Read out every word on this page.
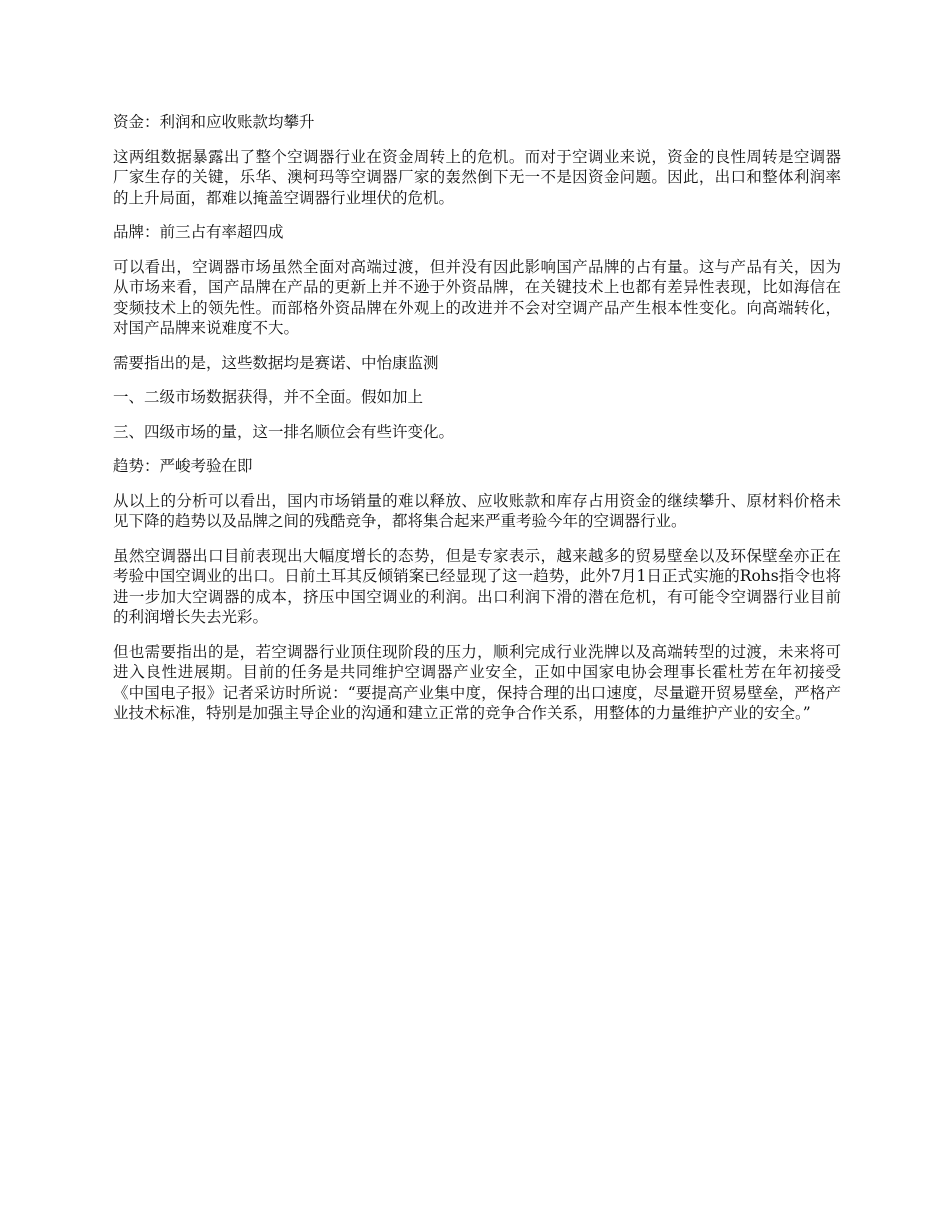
资金：利润和应收账款均攀升

这两组数据暴露出了整个空调器行业在资金周转上的危机。而对于空调业来说，资金的良性周转是空调器厂家生存的关键，乐华、澳柯玛等空调器厂家的轰然倒下无一不是因资金问题。因此，出口和整体利润率的上升局面，都难以掩盖空调器行业埋伏的危机。

品牌：前三占有率超四成

可以看出，空调器市场虽然全面对高端过渡，但并没有因此影响国产品牌的占有量。这与产品有关，因为从市场来看，国产品牌在产品的更新上并不逊于外资品牌，在关键技术上也都有差异性表现，比如海信在变频技术上的领先性。而部格外资品牌在外观上的改进并不会对空调产品产生根本性变化。向高端转化，对国产品牌来说难度不大。

需要指出的是，这些数据均是赛诺、中怡康监测

一、二级市场数据获得，并不全面。假如加上

三、四级市场的量，这一排名顺位会有些许变化。

趋势：严峻考验在即

从以上的分析可以看出，国内市场销量的难以释放、应收账款和库存占用资金的继续攀升、原材料价格未见下降的趋势以及品牌之间的残酷竞争，都将集合起来严重考验今年的空调器行业。

虽然空调器出口目前表现出大幅度增长的态势，但是专家表示，越来越多的贸易壁垒以及环保壁垒亦正在考验中国空调业的出口。日前土耳其反倾销案已经显现了这一趋势，此外7月1日正式实施的Rohs指令也将进一步加大空调器的成本，挤压中国空调业的利润。出口利润下滑的潜在危机，有可能令空调器行业目前的利润增长失去光彩。

但也需要指出的是，若空调器行业顶住现阶段的压力，顺利完成行业洗牌以及高端转型的过渡，未来将可进入良性进展期。目前的任务是共同维护空调器产业安全，正如中国家电协会理事长霍杜芳在年初接受《中国电子报》记者采访时所说：“要提高产业集中度，保持合理的出口速度，尽量避开贸易壁垒，严格产业技术标准，特别是加强主导企业的沟通和建立正常的竞争合作关系，用整体的力量维护产业的安全。”
